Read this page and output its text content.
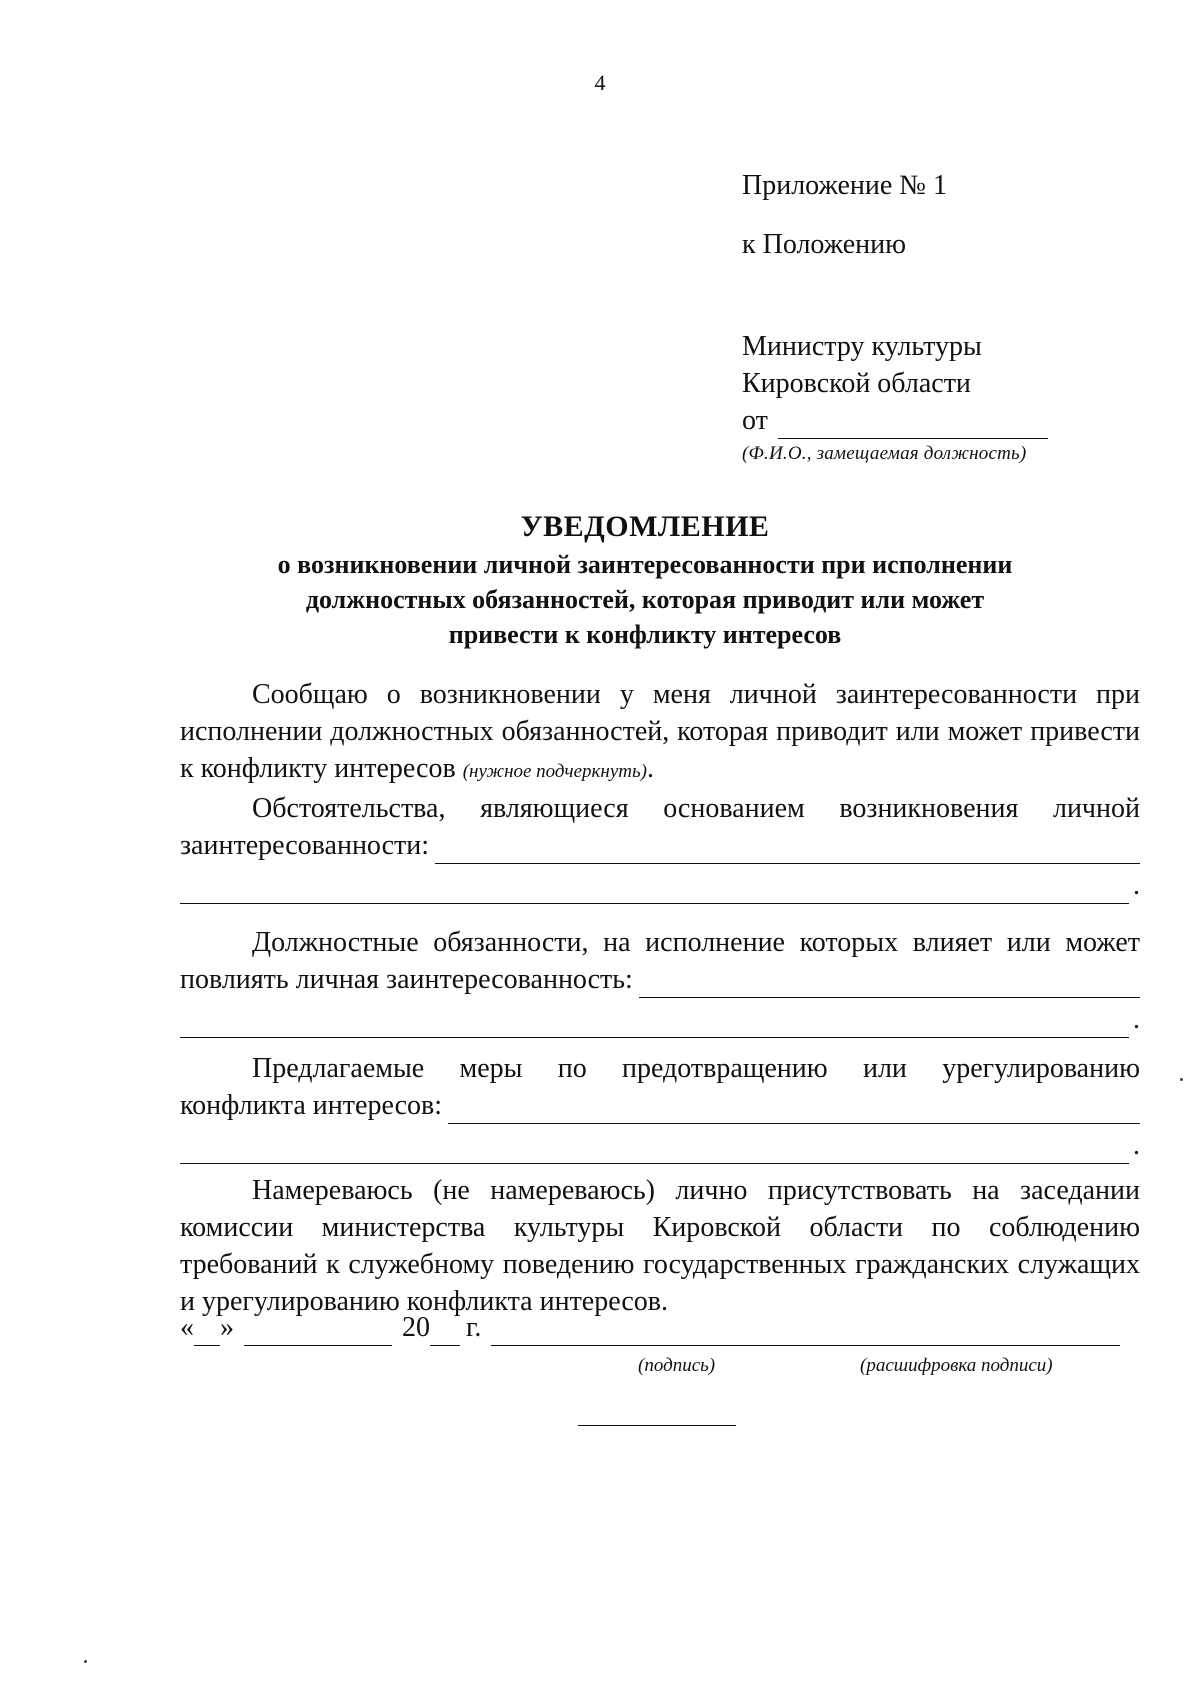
4
Приложение № 1
к Положению
Министру культуры
Кировской области
от
(Ф.И.О., замещаемая должность)
УВЕДОМЛЕНИЕ
о возникновении личной заинтересованности при исполнении
должностных обязанностей, которая приводит или может
привести к конфликту интересов

Сообщаю о возникновении у меня личной заинтересованности при исполнении должностных обязанностей, которая приводит или может привести к конфликту интересов (нужное подчеркнуть).

Обстоятельства, являющиеся основанием возникновения личной

заинтересованности:
.

Должностные обязанности, на исполнение которых влияет или может

повлиять личная заинтересованность:
.

Предлагаемые меры по предотвращению или урегулированию

конфликта интересов:
.

Намереваюсь (не намереваюсь) лично присутствовать на заседании комиссии министерства культуры Кировской области по соблюдению требований к служебному поведению государственных гражданских служащих и урегулированию конфликта интересов.

« »	20 г.
(подпись)	(расшифровка подписи)
